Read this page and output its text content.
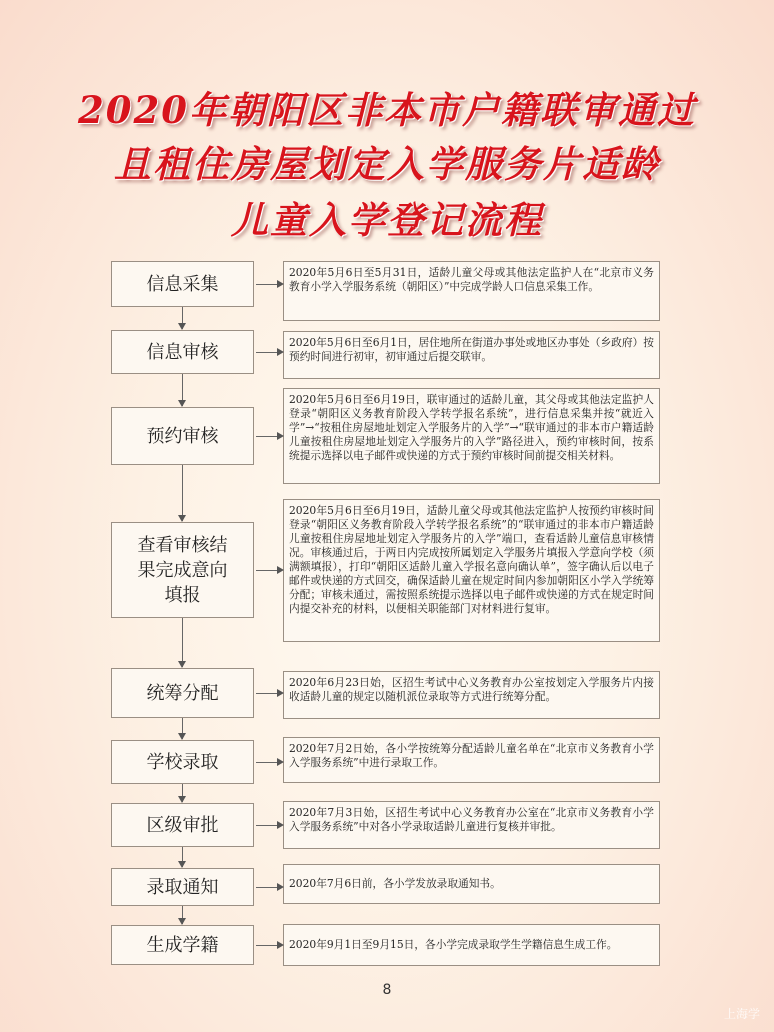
2020年朝阳区非本市户籍联审通过
且租住房屋划定入学服务片适龄
儿童入学登记流程
信息采集
信息审核
预约审核
查看审核结果完成意向填报
统筹分配
学校录取
区级审批
录取通知
生成学籍
2020年5月6日至5月31日，适龄儿童父母或其他法定监护人在“北京市义务教育小学入学服务系统（朝阳区）”中完成学龄人口信息采集工作。
2020年5月6日至6月1日，居住地所在街道办事处或地区办事处（乡政府）按预约时间进行初审，初审通过后提交联审。
2020年5月6日至6月19日，联审通过的适龄儿童，其父母或其他法定监护人登录“朝阳区义务教育阶段入学转学报名系统”，进行信息采集并按“就近入学”→“按租住房屋地址划定入学服务片的入学”→“联审通过的非本市户籍适龄儿童按租住房屋地址划定入学服务片的入学”路径进入，预约审核时间，按系统提示选择以电子邮件或快递的方式于预约审核时间前提交相关材料。
2020年5月6日至6月19日，适龄儿童父母或其他法定监护人按预约审核时间登录“朝阳区义务教育阶段入学转学报名系统”的“联审通过的非本市户籍适龄儿童按租住房屋地址划定入学服务片的入学”端口，查看适龄儿童信息审核情况。审核通过后，于两日内完成按所属划定入学服务片填报入学意向学校（须满额填报），打印“朝阳区适龄儿童入学报名意向确认单”，签字确认后以电子邮件或快递的方式回交，确保适龄儿童在规定时间内参加朝阳区小学入学统筹分配；审核未通过，需按照系统提示选择以电子邮件或快递的方式在规定时间内提交补充的材料，以便相关职能部门对材料进行复审。
2020年6月23日始，区招生考试中心义务教育办公室按划定入学服务片内接收适龄儿童的规定以随机派位录取等方式进行统筹分配。
2020年7月2日始，各小学按统筹分配适龄儿童名单在“北京市义务教育小学入学服务系统”中进行录取工作。
2020年7月3日始，区招生考试中心义务教育办公室在“北京市义务教育小学入学服务系统”中对各小学录取适龄儿童进行复核并审批。
2020年7月6日前，各小学发放录取通知书。
2020年9月1日至9月15日，各小学完成录取学生学籍信息生成工作。
8
上海学
